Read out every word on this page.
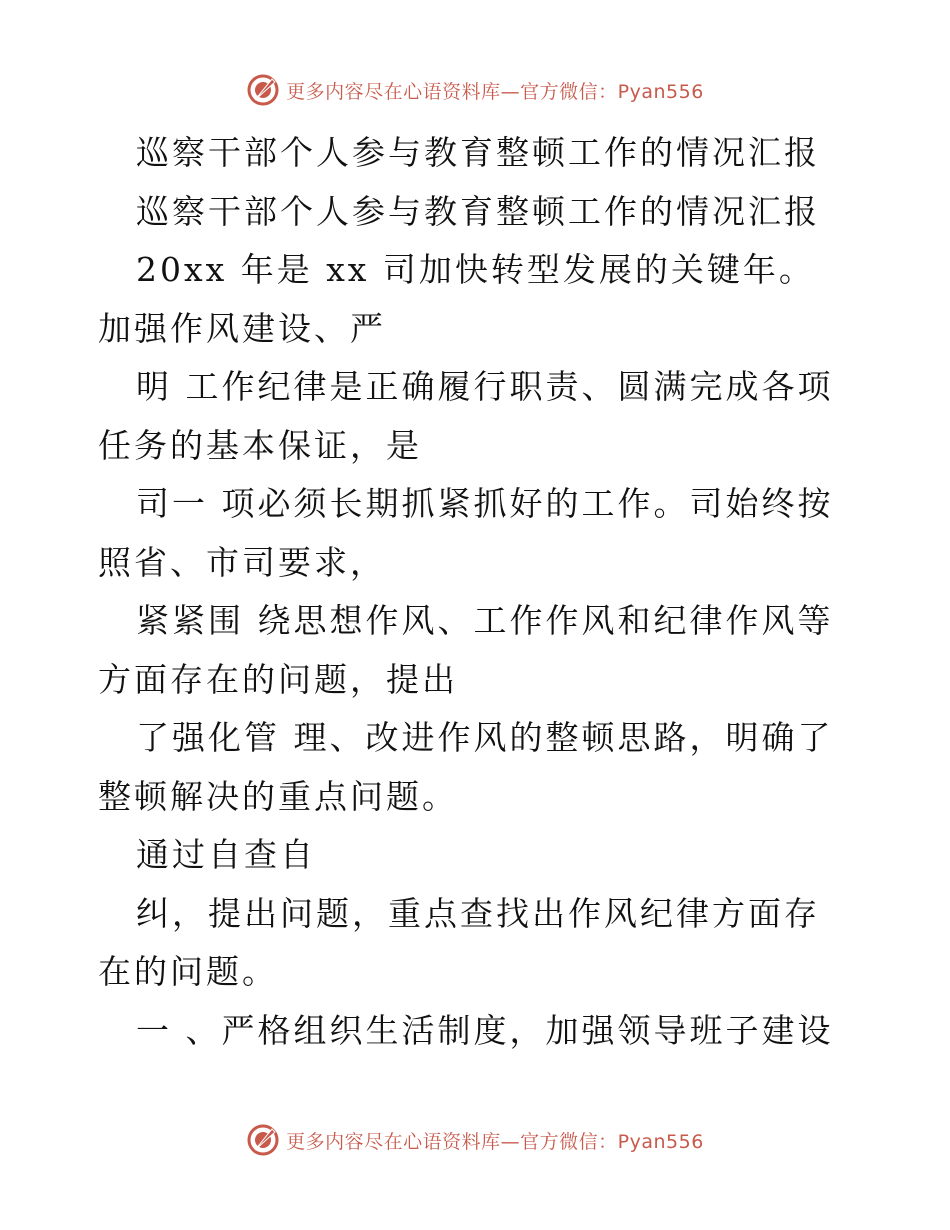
更多内容尽在心语资料库—官方微信：Pyan556

巡察干部个人参与教育整顿工作的情况汇报

巡察干部个人参与教育整顿工作的情况汇报

20xx 年是 xx 司加快转型发展的关键年。加强作风建设、严

明 工作纪律是正确履行职责、圆满完成各项任务的基本保证，是

司一 项必须长期抓紧抓好的工作。司始终按照省、市司要求，

紧紧围 绕思想作风、工作作风和纪律作风等方面存在的问题，提出

了强化管 理、改进作风的整顿思路，明确了整顿解决的重点问题。

通过自查自

纠，提出问题，重点查找出作风纪律方面存在的问题。

一 、严格组织生活制度，加强领导班子建设

更多内容尽在心语资料库—官方微信：Pyan556
